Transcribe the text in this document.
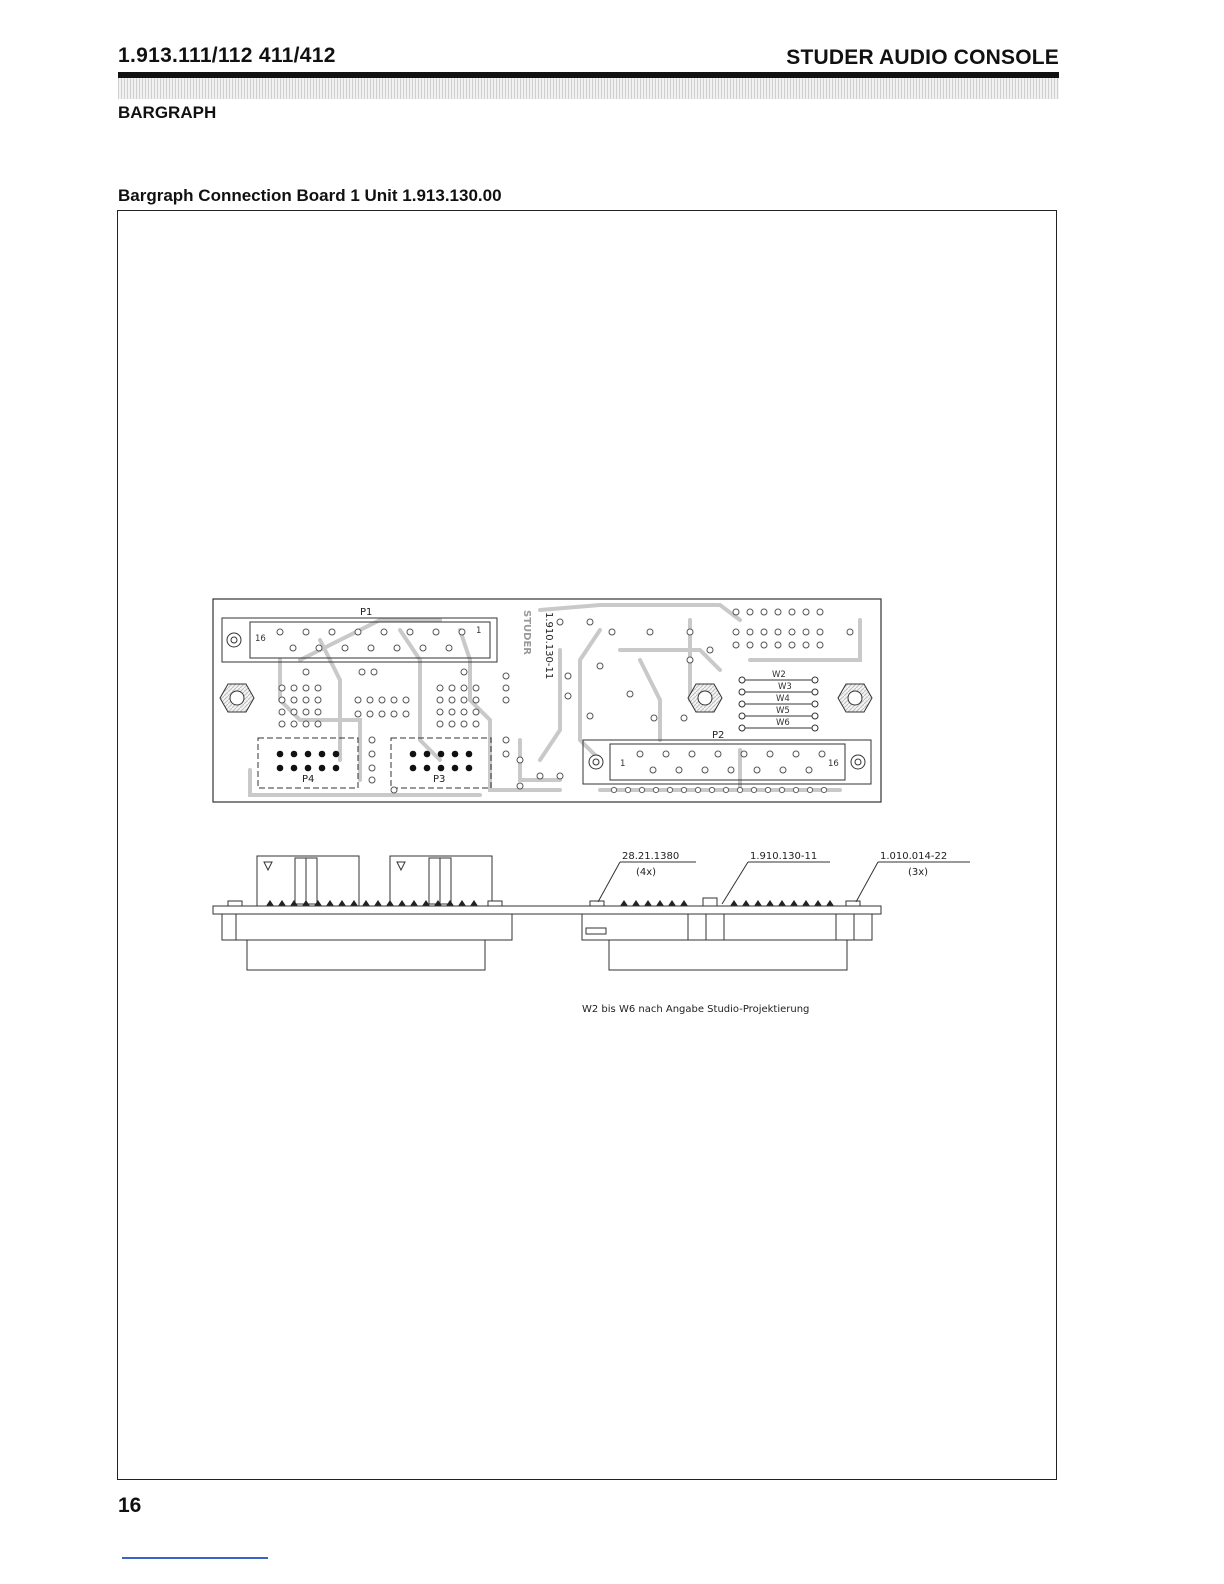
1.913.111/112 411/412	STUDER AUDIO CONSOLE
BARGRAPH
Bargraph Connection Board 1 Unit 1.913.130.00
P1
16
1
P4	P3
1.910.130-11
STUDER
W2
W3
W4
W5
W6
P2
1	16
28.21.1380
(4x)
1.910.130-11	1.010.014-22
(3x)
W2 bis W6 nach Angabe Studio-Projektierung
16
